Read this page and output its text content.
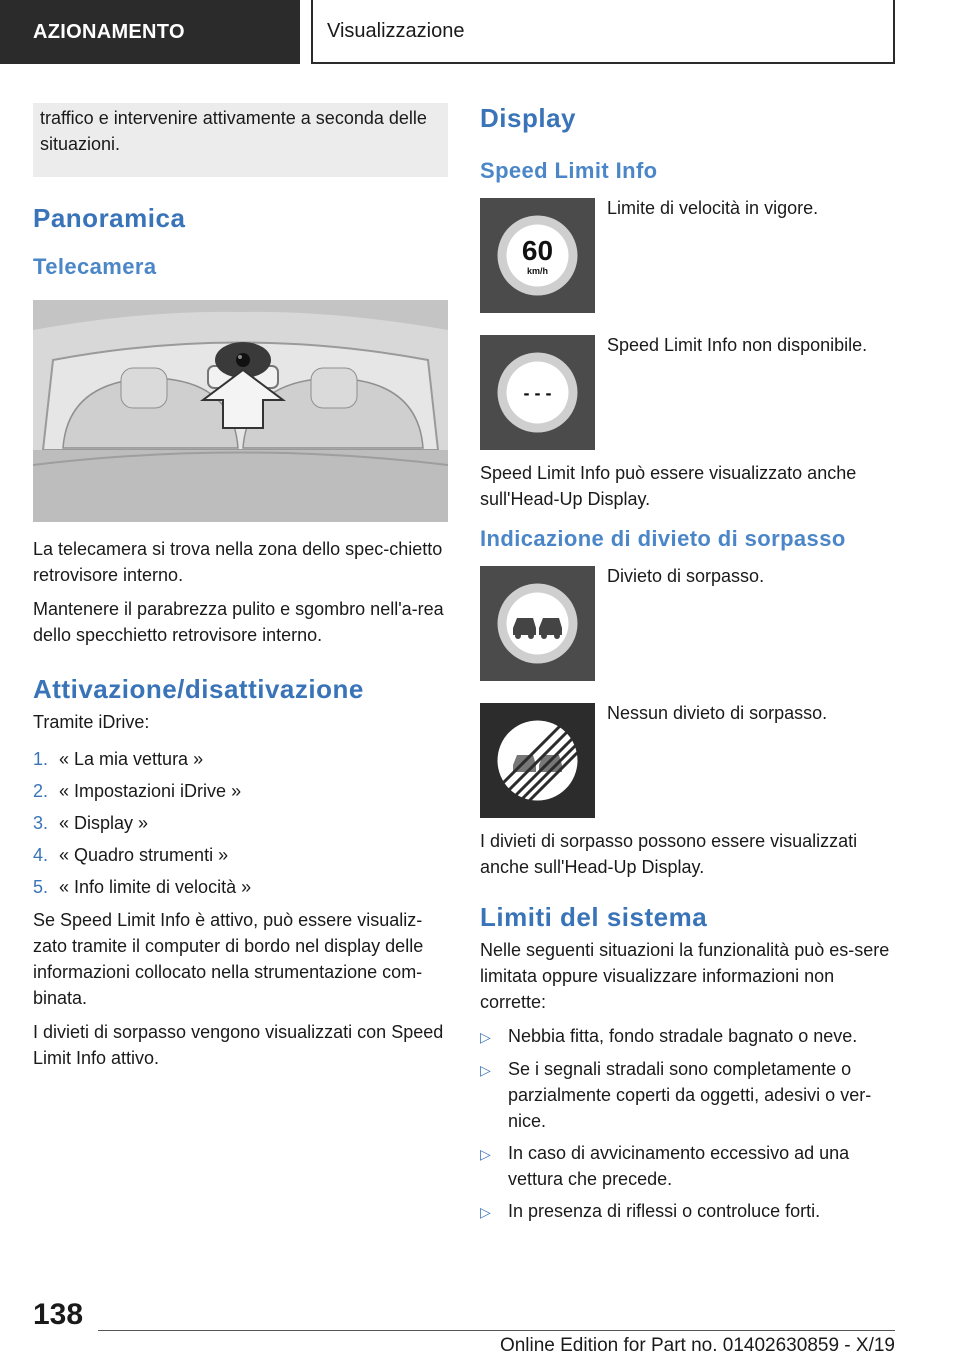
AZIONAMENTO	Visualizzazione

traffico e intervenire attivamente a seconda delle situazioni.

Panoramica
Telecamera

La telecamera si trova nella zona dello spec-chietto retrovisore interno.

Mantenere il parabrezza pulito e sgombro nell'a-rea dello specchietto retrovisore interno.

Attivazione/disattivazione

Tramite iDrive:

1. « La mia vettura »
2. « Impostazioni iDrive »
3. « Display »
4. « Quadro strumenti »
5. « Info limite di velocità »

Se Speed Limit Info è attivo, può essere visualiz-zato tramite il computer di bordo nel display delle informazioni collocato nella strumentazione com-binata.

I divieti di sorpasso vengono visualizzati con Speed Limit Info attivo.

Display
Speed Limit Info
60
km/h
Limite di velocità in vigore.
- - -
Speed Limit Info non disponibile.

Speed Limit Info può essere visualizzato anche sull'Head-Up Display.

Indicazione di divieto di sorpasso
Divieto di sorpasso.
Nessun divieto di sorpasso.

I divieti di sorpasso possono essere visualizzati anche sull'Head-Up Display.

Limiti del sistema

Nelle seguenti situazioni la funzionalità può es-sere limitata oppure visualizzare informazioni non corrette:

▷ Nebbia fitta, fondo stradale bagnato o neve.
▷ Se i segnali stradali sono completamente o parzialmente coperti da oggetti, adesivi o ver-nice.
▷ In caso di avvicinamento eccessivo ad una vettura che precede.
▷ In presenza di riflessi o controluce forti.
138
Online Edition for Part no. 01402630859 - X/19
